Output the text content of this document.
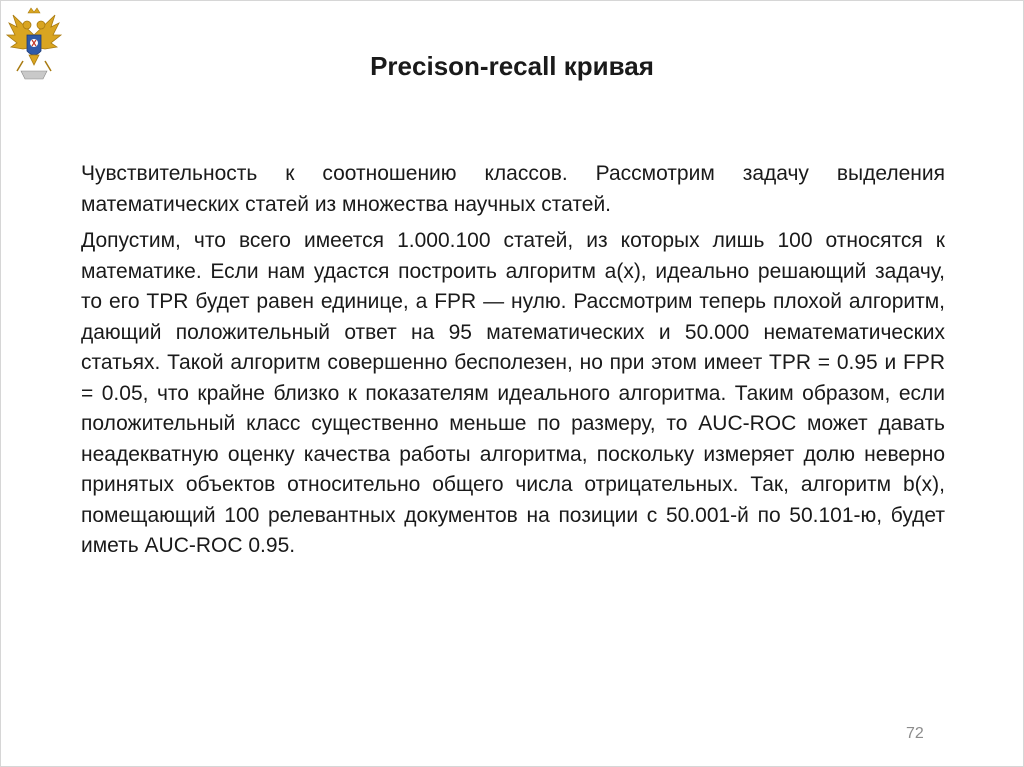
Precison-recall кривая

Чувствительность к соотношению классов. Рассмотрим задачу выделения математических статей из множества научных статей.

Допустим, что всего имеется 1.000.100 статей, из которых лишь 100 относятся к математике. Если нам удастся построить алгоритм a(x), идеально решающий задачу, то его TPR будет равен единице, а FPR — нулю. Рассмотрим теперь плохой алгоритм, дающий положительный ответ на 95 математических и 50.000 нематематических статьях. Такой алгоритм совершенно бесполезен, но при этом имеет TPR = 0.95 и FPR = 0.05, что крайне близко к показателям идеального алгоритма. Таким образом, если положительный класс существенно меньше по размеру, то AUC-ROC может давать неадекватную оценку качества работы алгоритма, поскольку измеряет долю неверно принятых объектов относительно общего числа отрицательных. Так, алгоритм b(x), помещающий 100 релевантных документов на позиции с 50.001-й по 50.101-ю, будет иметь AUC-ROC 0.95.

72
